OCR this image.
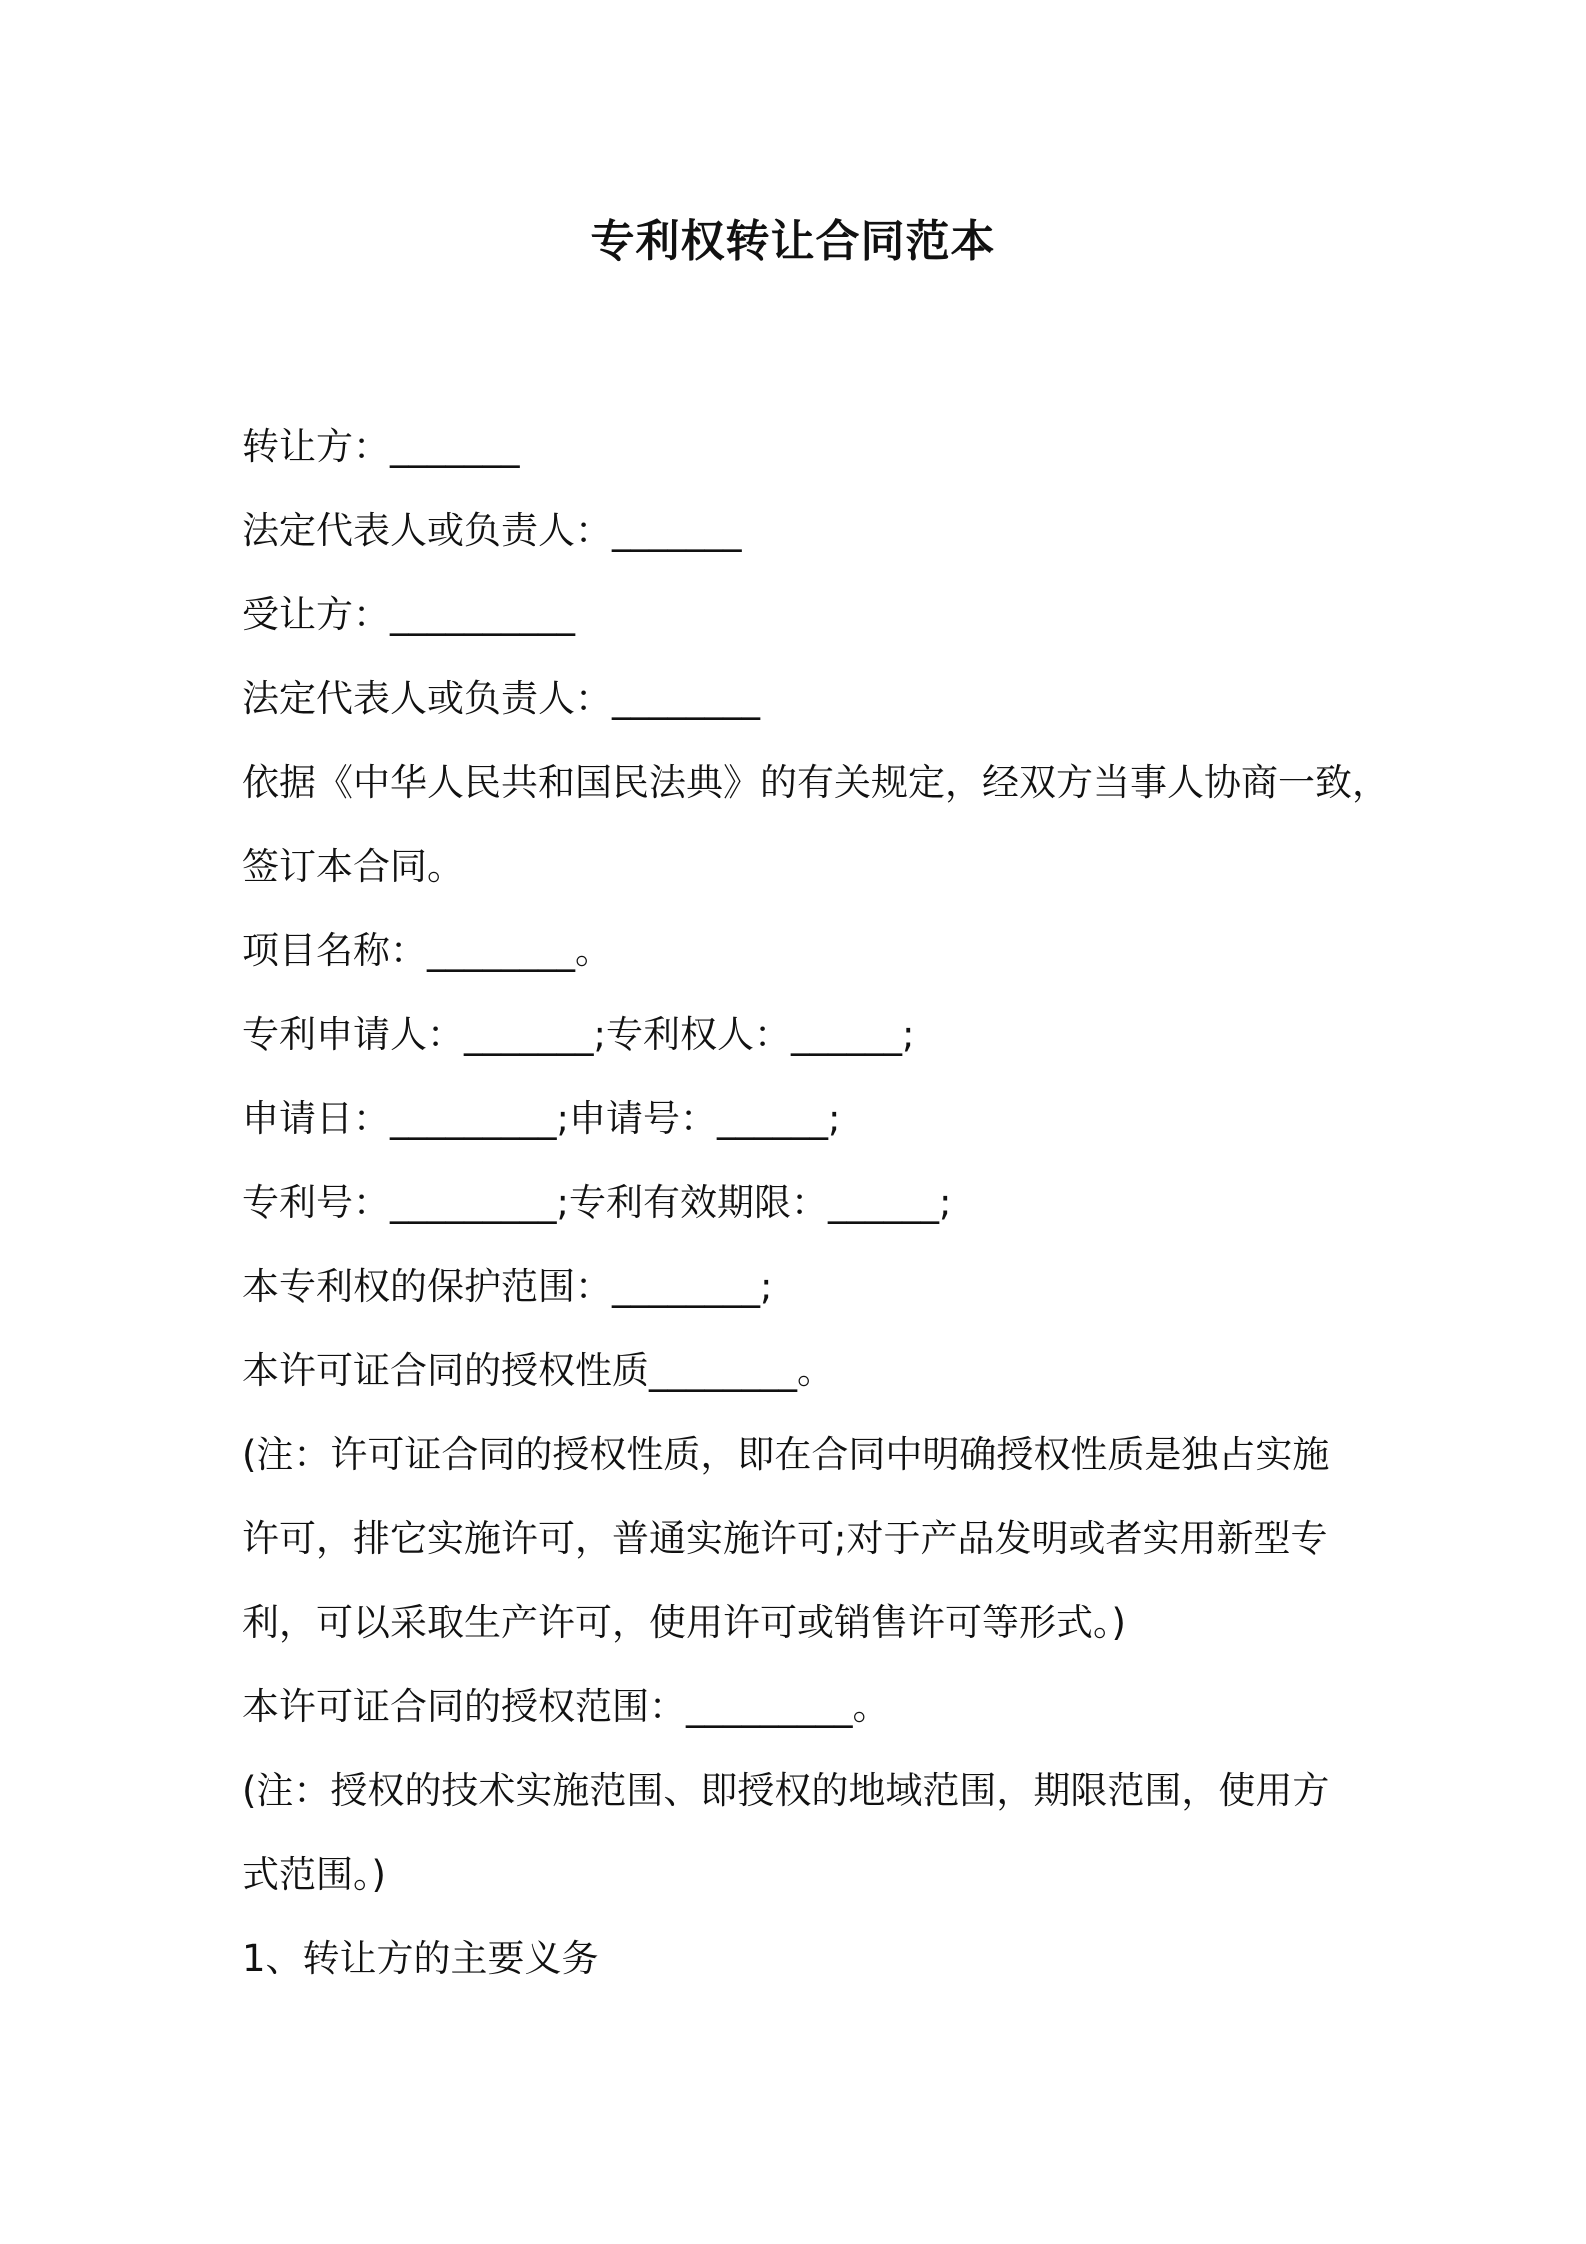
专利权转让合同范本
转让方：_______
法定代表人或负责人：_______
受让方：__________
法定代表人或负责人：________
依据《中华人民共和国民法典》的有关规定，经双方当事人协商一致，
签订本合同。
项目名称：________。
专利申请人：_______;专利权人：______;
申请日：_________;申请号：______;
专利号：_________;专利有效期限：______;
本专利权的保护范围：________;
本许可证合同的授权性质________。
(注：许可证合同的授权性质，即在合同中明确授权性质是独占实施
许可，排它实施许可，普通实施许可;对于产品发明或者实用新型专
利，可以采取生产许可，使用许可或销售许可等形式。)
本许可证合同的授权范围：_________。
(注：授权的技术实施范围、即授权的地域范围，期限范围，使用方
式范围。)
1、转让方的主要义务
